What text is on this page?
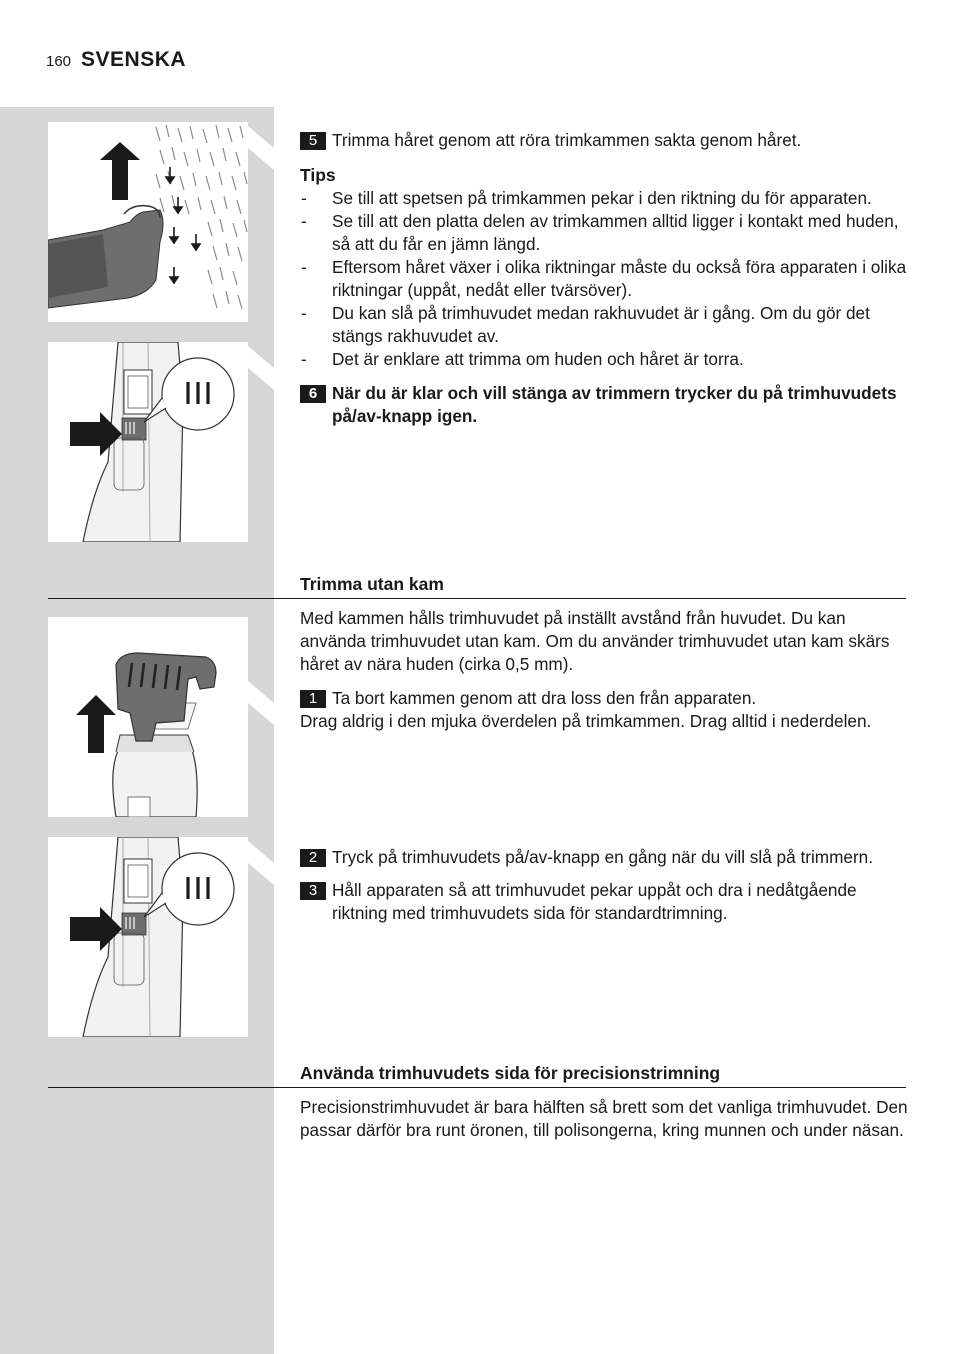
160 SVENSKA
5 Trimma håret genom att röra trimkammen sakta genom håret.
Tips
- Se till att spetsen på trimkammen pekar i den riktning du för apparaten.
- Se till att den platta delen av trimkammen alltid ligger i kontakt med huden, så att du får en jämn längd.
- Eftersom håret växer i olika riktningar måste du också föra apparaten i olika riktningar (uppåt, nedåt eller tvärsöver).
- Du kan slå på trimhuvudet medan rakhuvudet är i gång. Om du gör det stängs rakhuvudet av.
- Det är enklare att trimma om huden och håret är torra.
6 När du är klar och vill stänga av trimmern trycker du på trimhuvudets på/av-knapp igen.
Trimma utan kam

Med kammen hålls trimhuvudet på inställt avstånd från huvudet. Du kan använda trimhuvudet utan kam. Om du använder trimhuvudet utan kam skärs håret av nära huden (cirka 0,5 mm).

1 Ta bort kammen genom att dra loss den från apparaten.

Drag aldrig i den mjuka överdelen på trimkammen. Drag alltid i nederdelen.

2 Tryck på trimhuvudets på/av-knapp en gång när du vill slå på trimmern.
3 Håll apparaten så att trimhuvudet pekar uppåt och dra i nedåtgående riktning med trimhuvudets sida för standardtrimning.
Använda trimhuvudets sida för precisionstrimning

Precisionstrimhuvudet är bara hälften så brett som det vanliga trimhuvudet. Den passar därför bra runt öronen, till polisongerna, kring munnen och under näsan.
